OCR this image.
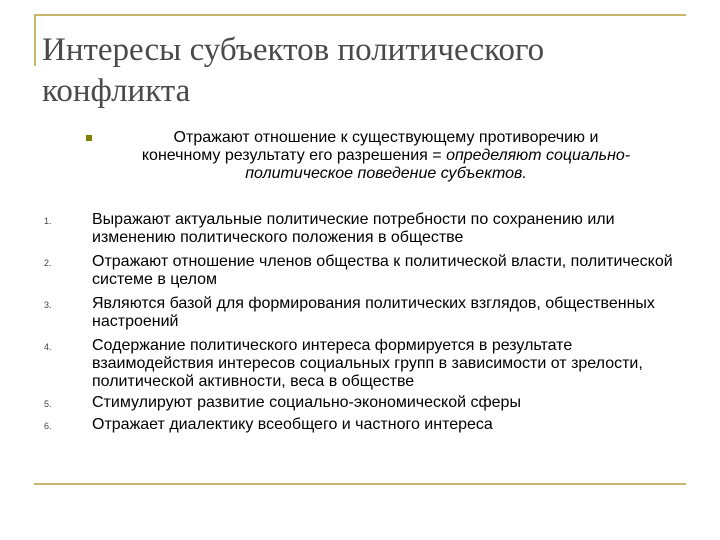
Интересы субъектов политического конфликта
Отражают отношение к существующему противоречию и
конечному результату его разрешения = определяют социально-
политическое поведение субъектов.
1.	Выражают актуальные политические потребности по сохранению или изменению политического положения в обществе
2.	Отражают отношение членов общества к политической власти, политической системе в целом
3.	Являются базой для формирования политических взглядов, общественных настроений
4.	Содержание политического интереса формируется в результате взаимодействия интересов социальных групп в зависимости от зрелости, политической активности, веса в обществе
5.	Стимулируют развитие социально-экономической сферы
6.	Отражает диалектику всеобщего и частного интереса
